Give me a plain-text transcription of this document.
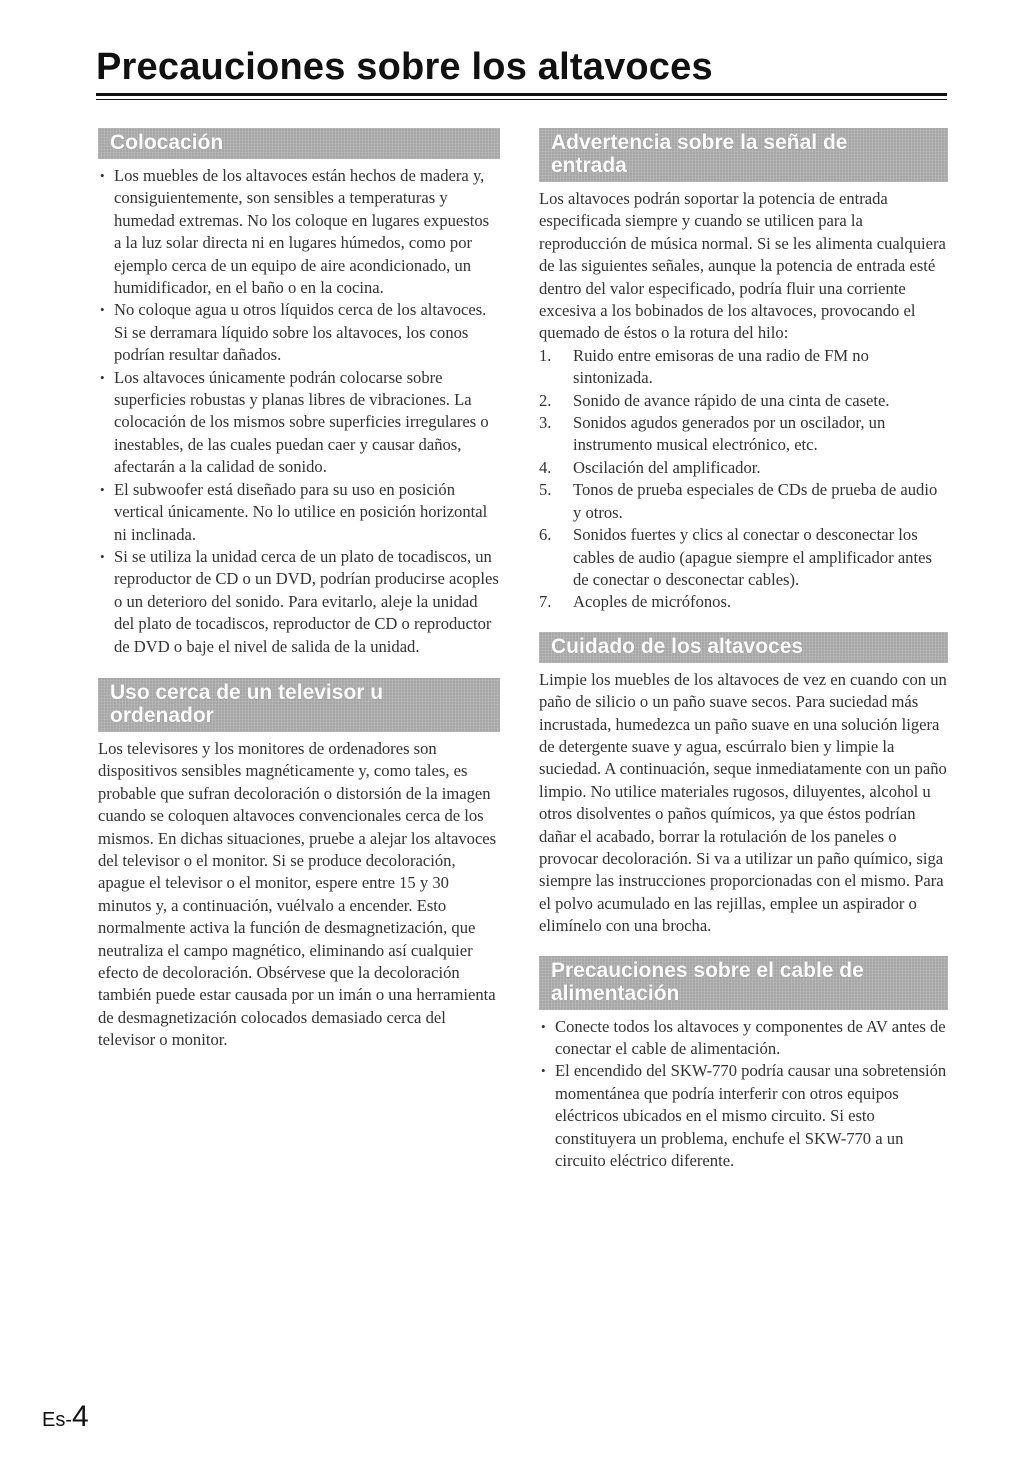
Precauciones sobre los altavoces
Colocación
• Los muebles de los altavoces están hechos de madera y, consiguientemente, son sensibles a temperaturas y humedad extremas. No los coloque en lugares expuestos a la luz solar directa ni en lugares húmedos, como por ejemplo cerca de un equipo de aire acondicionado, un humidificador, en el baño o en la cocina.
• No coloque agua u otros líquidos cerca de los altavoces. Si se derramara líquido sobre los altavoces, los conos podrían resultar dañados.
• Los altavoces únicamente podrán colocarse sobre superficies robustas y planas libres de vibraciones. La colocación de los mismos sobre superficies irregulares o inestables, de las cuales puedan caer y causar daños, afectarán a la calidad de sonido.
• El subwoofer está diseñado para su uso en posición vertical únicamente. No lo utilice en posición horizontal ni inclinada.
• Si se utiliza la unidad cerca de un plato de tocadiscos, un reproductor de CD o un DVD, podrían producirse acoples o un deterioro del sonido. Para evitarlo, aleje la unidad del plato de tocadiscos, reproductor de CD o reproductor de DVD o baje el nivel de salida de la unidad.
Uso cerca de un televisor u
ordenador

Los televisores y los monitores de ordenadores son dispositivos sensibles magnéticamente y, como tales, es probable que sufran decoloración o distorsión de la imagen cuando se coloquen altavoces convencionales cerca de los mismos. En dichas situaciones, pruebe a alejar los altavoces del televisor o el monitor. Si se produce decoloración, apague el televisor o el monitor, espere entre 15 y 30 minutos y, a continuación, vuélvalo a encender. Esto normalmente activa la función de desmagnetización, que neutraliza el campo magnético, eliminando así cualquier efecto de decoloración. Obsérvese que la decoloración también puede estar causada por un imán o una herramienta de desmagnetización colocados demasiado cerca del televisor o monitor.

Advertencia sobre la señal de
entrada

Los altavoces podrán soportar la potencia de entrada especificada siempre y cuando se utilicen para la reproducción de música normal. Si se les alimenta cualquiera de las siguientes señales, aunque la potencia de entrada esté dentro del valor especificado, podría fluir una corriente excesiva a los bobinados de los altavoces, provocando el quemado de éstos o la rotura del hilo:

1. Ruido entre emisoras de una radio de FM no sintonizada.
2. Sonido de avance rápido de una cinta de casete.
3. Sonidos agudos generados por un oscilador, un instrumento musical electrónico, etc.
4. Oscilación del amplificador.
5. Tonos de prueba especiales de CDs de prueba de audio y otros.
6. Sonidos fuertes y clics al conectar o desconectar los cables de audio (apague siempre el amplificador antes de conectar o desconectar cables).
7. Acoples de micrófonos.
Cuidado de los altavoces

Limpie los muebles de los altavoces de vez en cuando con un paño de silicio o un paño suave secos. Para suciedad más incrustada, humedezca un paño suave en una solución ligera de detergente suave y agua, escúrralo bien y limpie la suciedad. A continuación, seque inmediatamente con un paño limpio. No utilice materiales rugosos, diluyentes, alcohol u otros disolventes o paños químicos, ya que éstos podrían dañar el acabado, borrar la rotulación de los paneles o provocar decoloración. Si va a utilizar un paño químico, siga siempre las instrucciones proporcionadas con el mismo. Para el polvo acumulado en las rejillas, emplee un aspirador o elimínelo con una brocha.

Precauciones sobre el cable de
alimentación
• Conecte todos los altavoces y componentes de AV antes de conectar el cable de alimentación.
• El encendido del SKW-770 podría causar una sobretensión momentánea que podría interferir con otros equipos eléctricos ubicados en el mismo circuito. Si esto constituyera un problema, enchufe el SKW-770 a un circuito eléctrico diferente.
Es-4
